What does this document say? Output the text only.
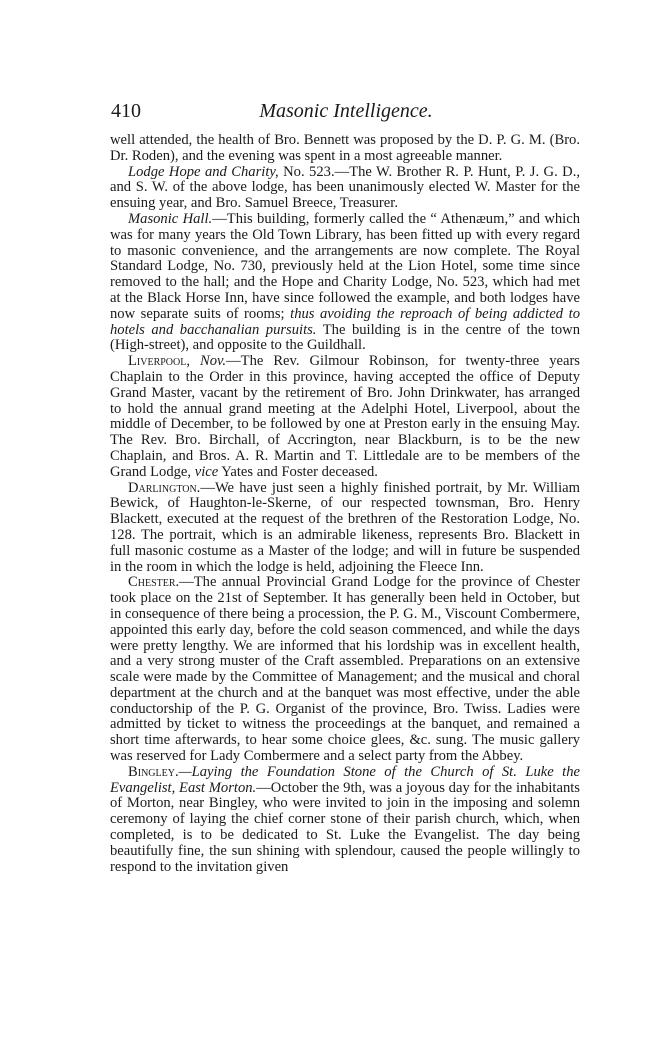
410	Masonic Intelligence.

well attended, the health of Bro. Bennett was proposed by the D. P. G. M. (Bro. Dr. Roden), and the evening was spent in a most agreeable manner.

Lodge Hope and Charity, No. 523.—The W. Brother R. P. Hunt, P. J. G. D., and S. W. of the above lodge, has been unanimously elected W. Master for the ensuing year, and Bro. Samuel Breece, Treasurer.

Masonic Hall.—This building, formerly called the “ Athenæum,” and which was for many years the Old Town Library, has been fitted up with every regard to masonic convenience, and the arrangements are now complete. The Royal Standard Lodge, No. 730, previously held at the Lion Hotel, some time since removed to the hall; and the Hope and Charity Lodge, No. 523, which had met at the Black Horse Inn, have since followed the example, and both lodges have now separate suits of rooms; thus avoiding the reproach of being addicted to hotels and bacchanalian pursuits. The building is in the centre of the town (High-street), and opposite to the Guildhall.

Liverpool, Nov.—The Rev. Gilmour Robinson, for twenty-three years Chaplain to the Order in this province, having accepted the office of Deputy Grand Master, vacant by the retirement of Bro. John Drinkwater, has arranged to hold the annual grand meeting at the Adelphi Hotel, Liverpool, about the middle of December, to be followed by one at Preston early in the ensuing May. The Rev. Bro. Birchall, of Accrington, near Blackburn, is to be the new Chaplain, and Bros. A. R. Martin and T. Littledale are to be members of the Grand Lodge, vice Yates and Foster deceased.

Darlington.—We have just seen a highly finished portrait, by Mr. William Bewick, of Haughton-le-Skerne, of our respected townsman, Bro. Henry Blackett, executed at the request of the brethren of the Restoration Lodge, No. 128. The portrait, which is an admirable likeness, represents Bro. Blackett in full masonic costume as a Master of the lodge; and will in future be suspended in the room in which the lodge is held, adjoining the Fleece Inn.

Chester.—The annual Provincial Grand Lodge for the province of Chester took place on the 21st of September. It has generally been held in October, but in consequence of there being a procession, the P. G. M., Viscount Combermere, appointed this early day, before the cold season commenced, and while the days were pretty lengthy. We are informed that his lordship was in excellent health, and a very strong muster of the Craft assembled. Preparations on an extensive scale were made by the Committee of Management; and the musical and choral department at the church and at the banquet was most effective, under the able conductorship of the P. G. Organist of the province, Bro. Twiss. Ladies were admitted by ticket to witness the proceedings at the banquet, and remained a short time afterwards, to hear some choice glees, &c. sung. The music gallery was reserved for Lady Combermere and a select party from the Abbey.

Bingley.—Laying the Foundation Stone of the Church of St. Luke the Evangelist, East Morton.—October the 9th, was a joyous day for the inhabitants of Morton, near Bingley, who were invited to join in the imposing and solemn ceremony of laying the chief corner stone of their parish church, which, when completed, is to be dedicated to St. Luke the Evangelist. The day being beautifully fine, the sun shining with splendour, caused the people willingly to respond to the invitation given
